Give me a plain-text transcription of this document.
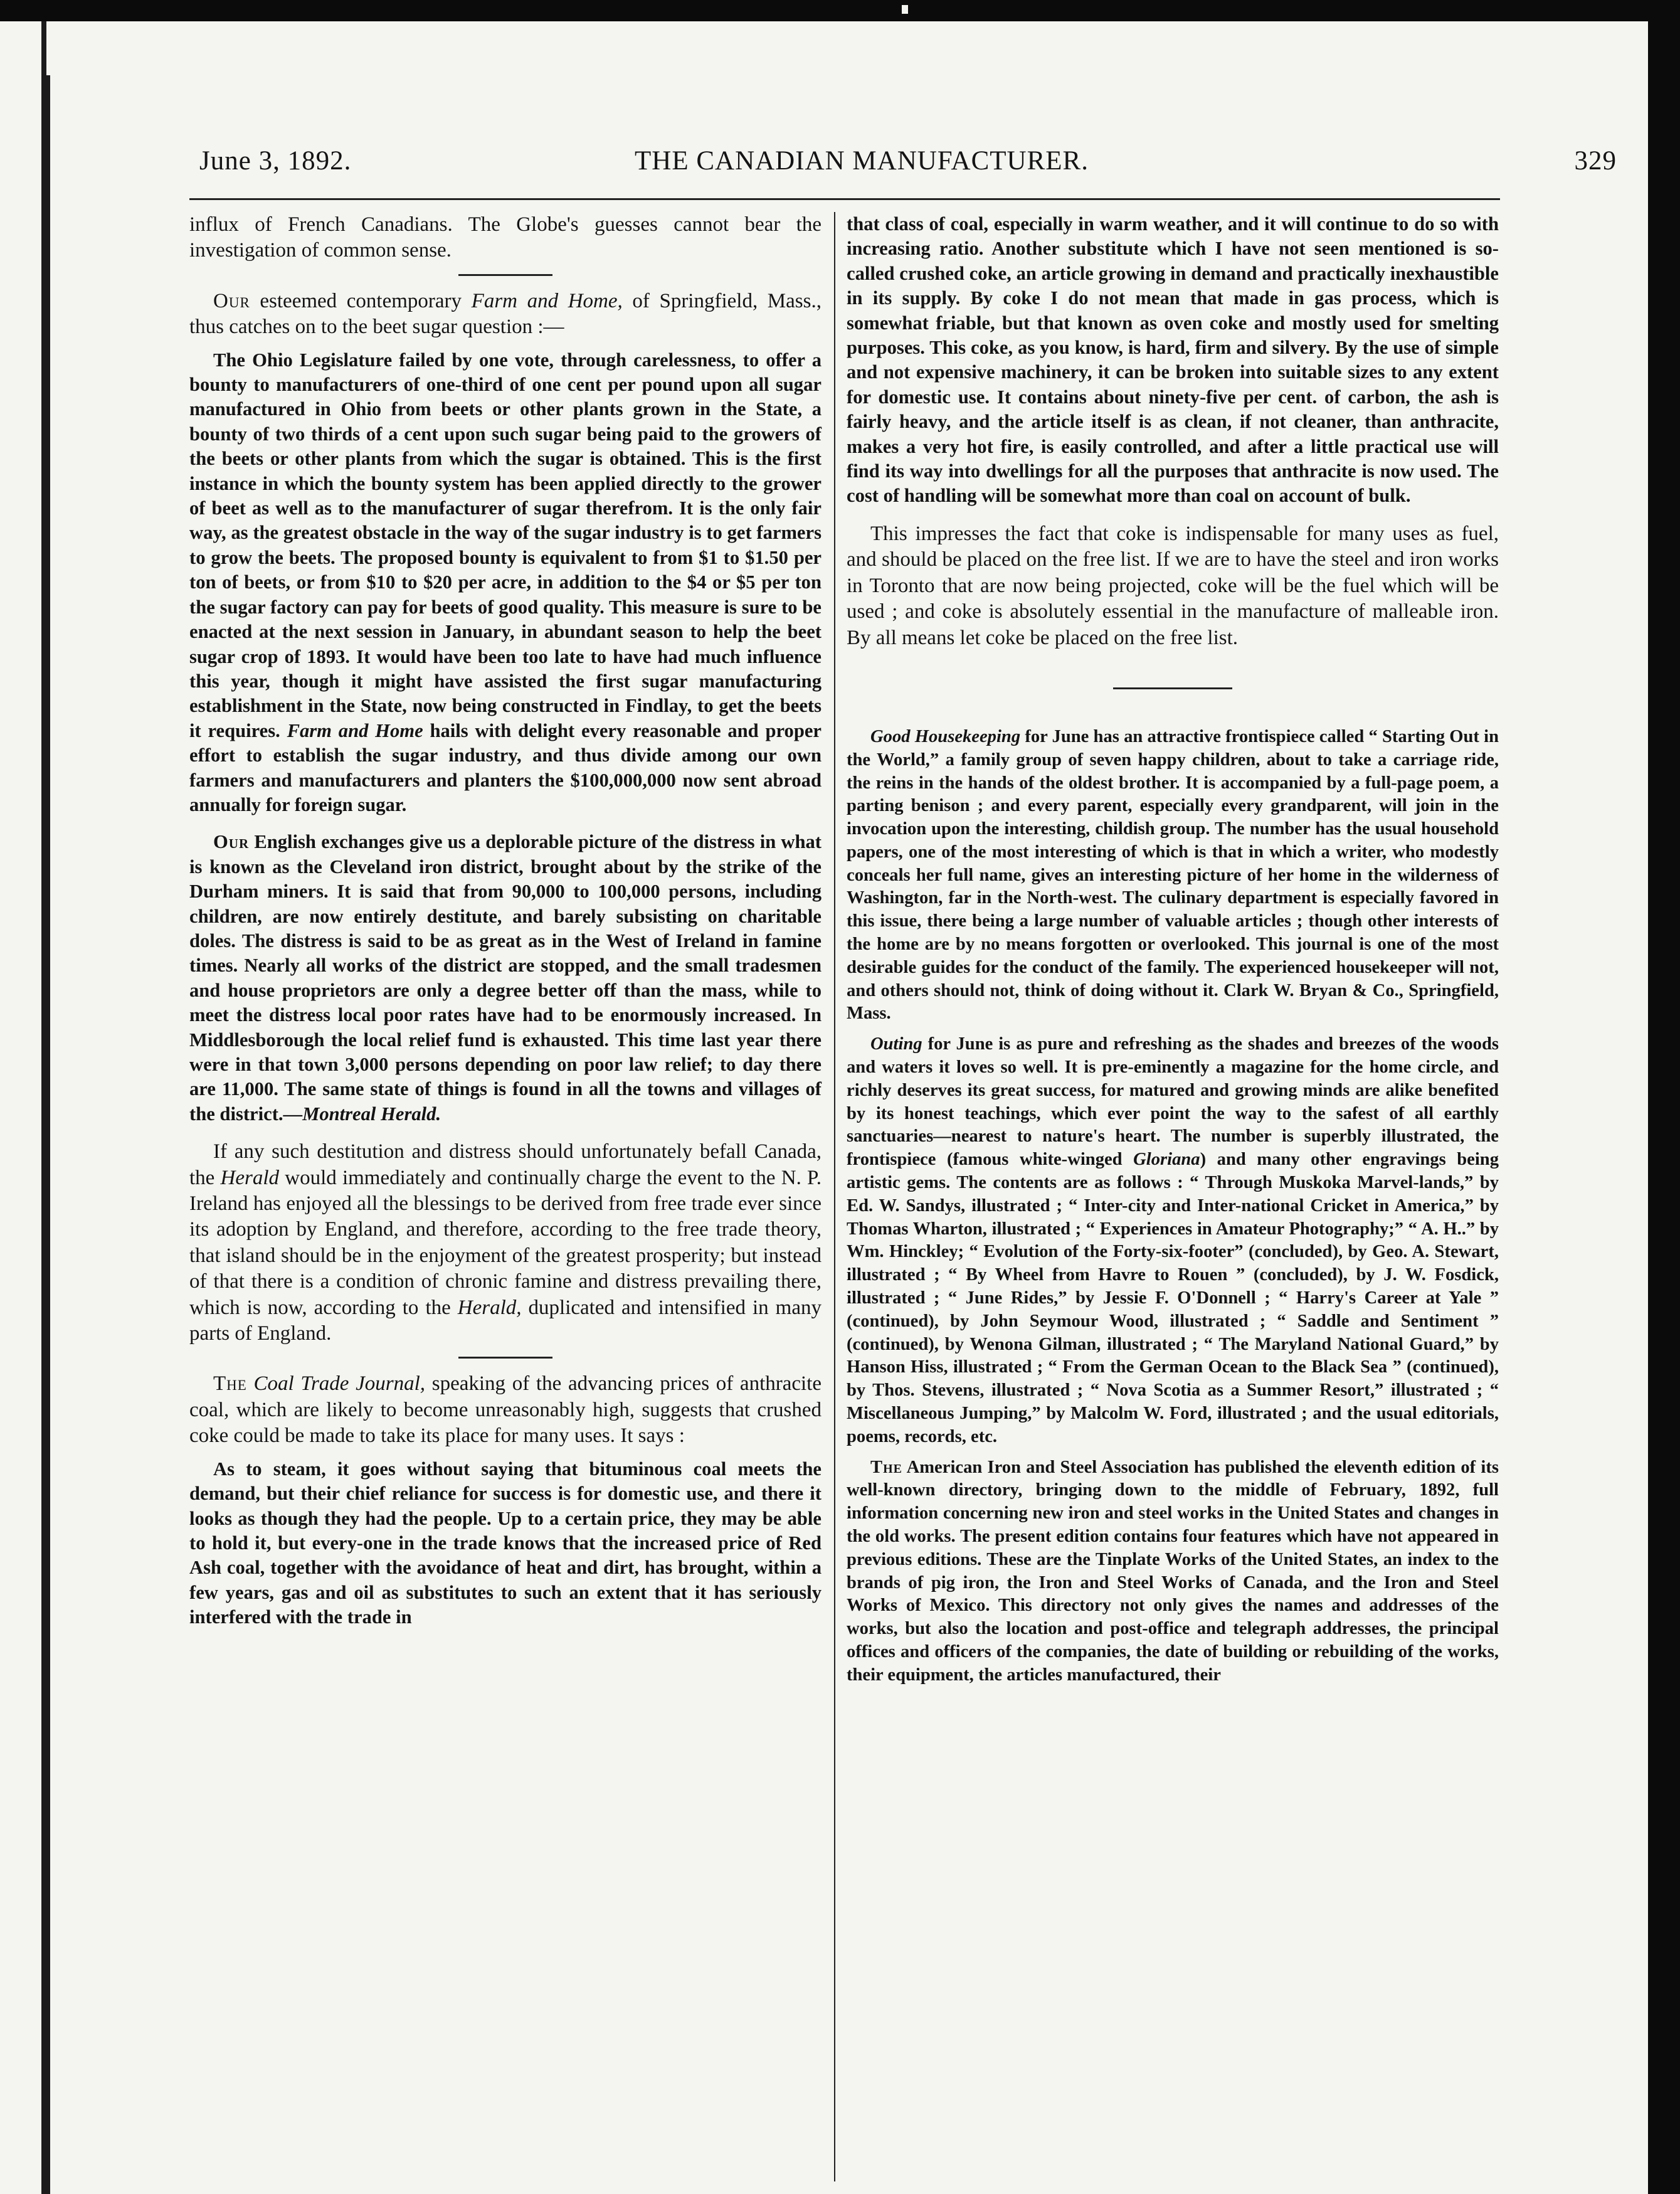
June 3, 1892.	THE CANADIAN MANUFACTURER.	329

influx of French Canadians. The Globe's guesses cannot bear the investigation of common sense.

Our esteemed contemporary Farm and Home, of Springfield, Mass., thus catches on to the beet sugar question :—

The Ohio Legislature failed by one vote, through carelessness, to offer a bounty to manufacturers of one-third of one cent per pound upon all sugar manufactured in Ohio from beets or other plants grown in the State, a bounty of two thirds of a cent upon such sugar being paid to the growers of the beets or other plants from which the sugar is obtained. This is the first instance in which the bounty system has been applied directly to the grower of beet as well as to the manufacturer of sugar therefrom. It is the only fair way, as the greatest obstacle in the way of the sugar industry is to get farmers to grow the beets. The proposed bounty is equivalent to from $1 to $1.50 per ton of beets, or from $10 to $20 per acre, in addition to the $4 or $5 per ton the sugar factory can pay for beets of good quality. This measure is sure to be enacted at the next session in January, in abundant season to help the beet sugar crop of 1893. It would have been too late to have had much influence this year, though it might have assisted the first sugar manufacturing establishment in the State, now being constructed in Findlay, to get the beets it requires. Farm and Home hails with delight every reasonable and proper effort to establish the sugar industry, and thus divide among our own farmers and manufacturers and planters the $100,000,000 now sent abroad annually for foreign sugar.

Our English exchanges give us a deplorable picture of the distress in what is known as the Cleveland iron district, brought about by the strike of the Durham miners. It is said that from 90,000 to 100,000 persons, including children, are now entirely destitute, and barely subsisting on charitable doles. The distress is said to be as great as in the West of Ireland in famine times. Nearly all works of the district are stopped, and the small tradesmen and house proprietors are only a degree better off than the mass, while to meet the distress local poor rates have had to be enormously increased. In Middlesborough the local relief fund is exhausted. This time last year there were in that town 3,000 persons depending on poor law relief; to day there are 11,000. The same state of things is found in all the towns and villages of the district.—Montreal Herald.

If any such destitution and distress should unfortunately befall Canada, the Herald would immediately and continually charge the event to the N. P. Ireland has enjoyed all the blessings to be derived from free trade ever since its adoption by England, and therefore, according to the free trade theory, that island should be in the enjoyment of the greatest prosperity; but instead of that there is a condition of chronic famine and distress prevailing there, which is now, according to the Herald, duplicated and intensified in many parts of England.

The Coal Trade Journal, speaking of the advancing prices of anthracite coal, which are likely to become unreasonably high, suggests that crushed coke could be made to take its place for many uses. It says :

As to steam, it goes without saying that bituminous coal meets the demand, but their chief reliance for success is for domestic use, and there it looks as though they had the people. Up to a certain price, they may be able to hold it, but every-one in the trade knows that the increased price of Red Ash coal, together with the avoidance of heat and dirt, has brought, within a few years, gas and oil as substitutes to such an extent that it has seriously interfered with the trade in

that class of coal, especially in warm weather, and it will continue to do so with increasing ratio. Another substitute which I have not seen mentioned is so-called crushed coke, an article growing in demand and practically inexhaustible in its supply. By coke I do not mean that made in gas process, which is somewhat friable, but that known as oven coke and mostly used for smelting purposes. This coke, as you know, is hard, firm and silvery. By the use of simple and not expensive machinery, it can be broken into suitable sizes to any extent for domestic use. It contains about ninety-five per cent. of carbon, the ash is fairly heavy, and the article itself is as clean, if not cleaner, than anthracite, makes a very hot fire, is easily controlled, and after a little practical use will find its way into dwellings for all the purposes that anthracite is now used. The cost of handling will be somewhat more than coal on account of bulk.

This impresses the fact that coke is indispensable for many uses as fuel, and should be placed on the free list. If we are to have the steel and iron works in Toronto that are now being projected, coke will be the fuel which will be used ; and coke is absolutely essential in the manufacture of malleable iron. By all means let coke be placed on the free list.

Good Housekeeping for June has an attractive frontispiece called “ Starting Out in the World,” a family group of seven happy children, about to take a carriage ride, the reins in the hands of the oldest brother. It is accompanied by a full-page poem, a parting benison ; and every parent, especially every grandparent, will join in the invocation upon the interesting, childish group. The number has the usual household papers, one of the most interesting of which is that in which a writer, who modestly conceals her full name, gives an interesting picture of her home in the wilderness of Washington, far in the North-west. The culinary department is especially favored in this issue, there being a large number of valuable articles ; though other interests of the home are by no means forgotten or overlooked. This journal is one of the most desirable guides for the conduct of the family. The experienced housekeeper will not, and others should not, think of doing without it. Clark W. Bryan & Co., Springfield, Mass.

Outing for June is as pure and refreshing as the shades and breezes of the woods and waters it loves so well. It is pre-eminently a magazine for the home circle, and richly deserves its great success, for matured and growing minds are alike benefited by its honest teachings, which ever point the way to the safest of all earthly sanctuaries—nearest to nature's heart. The number is superbly illustrated, the frontispiece (famous white-winged Gloriana) and many other engravings being artistic gems. The contents are as follows : “ Through Muskoka Marvel-lands,” by Ed. W. Sandys, illustrated ; “ Inter-city and Inter-national Cricket in America,” by Thomas Wharton, illustrated ; “ Experiences in Amateur Photography;” “ A. H..” by Wm. Hinckley; “ Evolution of the Forty-six-footer” (concluded), by Geo. A. Stewart, illustrated ; “ By Wheel from Havre to Rouen ” (concluded), by J. W. Fosdick, illustrated ; “ June Rides,” by Jessie F. O'Donnell ; “ Harry's Career at Yale ” (continued), by John Seymour Wood, illustrated ; “ Saddle and Sentiment ” (continued), by Wenona Gilman, illustrated ; “ The Maryland National Guard,” by Hanson Hiss, illustrated ; “ From the German Ocean to the Black Sea ” (continued), by Thos. Stevens, illustrated ; “ Nova Scotia as a Summer Resort,” illustrated ; “ Miscellaneous Jumping,” by Malcolm W. Ford, illustrated ; and the usual editorials, poems, records, etc.

The American Iron and Steel Association has published the eleventh edition of its well-known directory, bringing down to the middle of February, 1892, full information concerning new iron and steel works in the United States and changes in the old works. The present edition contains four features which have not appeared in previous editions. These are the Tinplate Works of the United States, an index to the brands of pig iron, the Iron and Steel Works of Canada, and the Iron and Steel Works of Mexico. This directory not only gives the names and addresses of the works, but also the location and post-office and telegraph addresses, the principal offices and officers of the companies, the date of building or rebuilding of the works, their equipment, the articles manufactured, their
